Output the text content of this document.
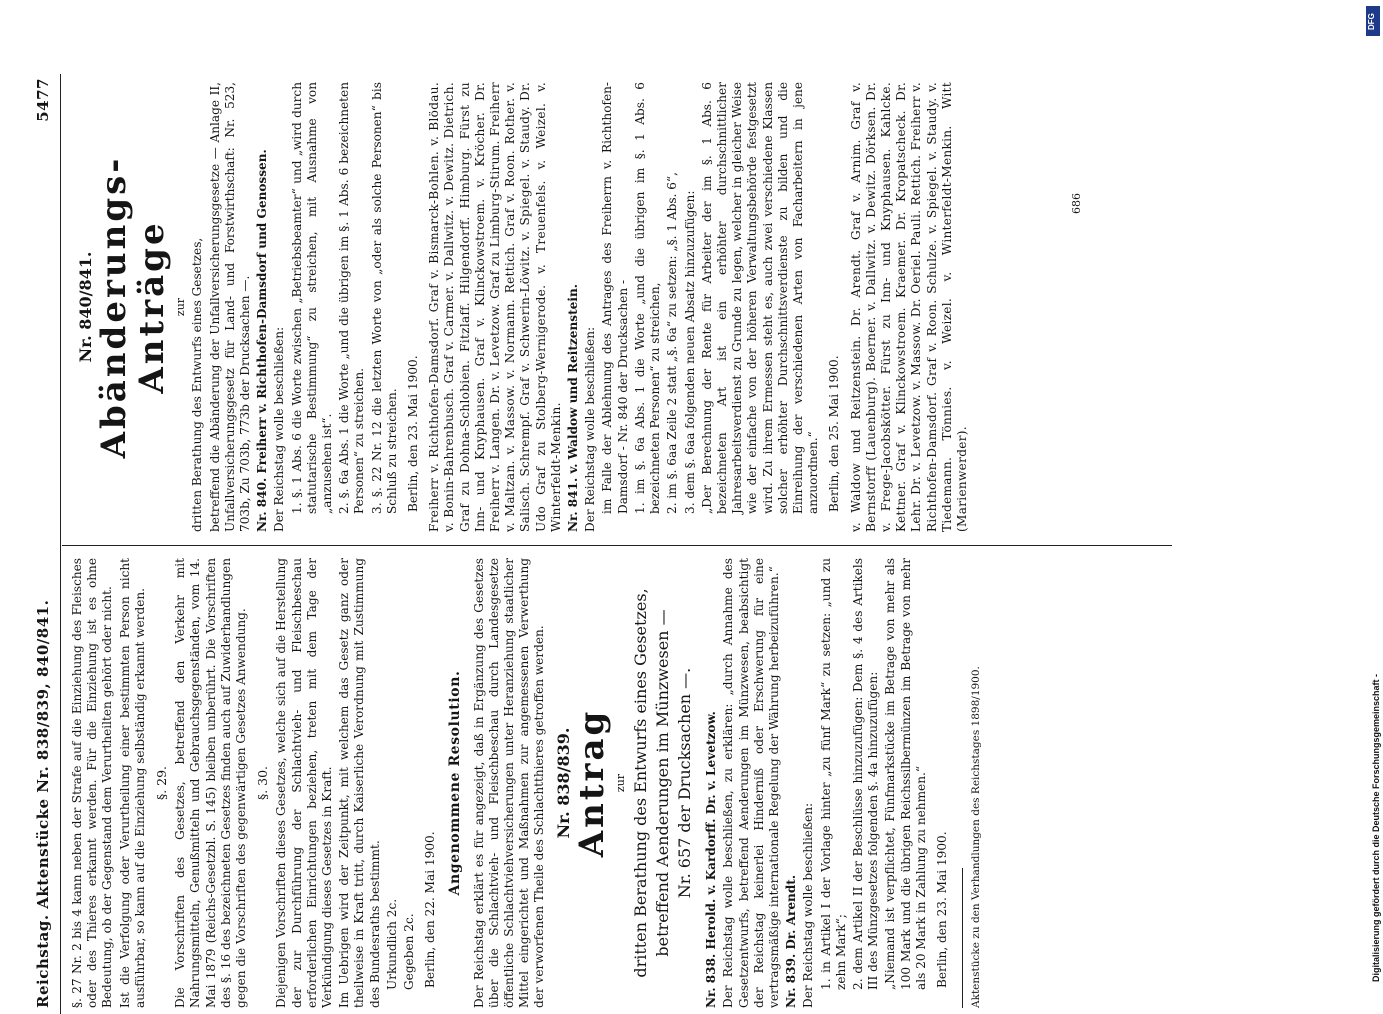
Reichstag. Aktenstücke Nr. 838/839, 840/841.
5477

§. 27 Nr. 2 bis 4 kann neben der Strafe auf die Einziehung des Fleisches oder des Thieres erkannt werden. Für die Einziehung ist es ohne Bedeutung, ob der Gegenstand dem Verurtheilten gehört oder nicht. Ist die Verfolgung oder Verurtheilung einer bestimmten Person nicht ausführbar, so kann auf die Einziehung selbständig erkannt werden. §. 29. Die Vorschriften des Gesetzes, betreffend den Verkehr mit Nahrungsmitteln, Genußmitteln und Gebrauchsgegenständen, vom 14. Mai 1879 (Reichs-Gesetzbl. S. 145) bleiben unberührt. Die Vorschriften des §. 16 des bezeichneten Gesetzes finden auch auf Zuwiderhandlungen gegen die Vorschriften des gegenwärtigen Gesetzes Anwendung. §. 30. Diejenigen Vorschriften dieses Gesetzes, welche sich auf die Herstellung der zur Durchführung der Schlachtvieh- und Fleischbeschau erforderlichen Einrichtungen beziehen, treten mit dem Tage der Verkündigung dieses Gesetzes in Kraft. Im Uebrigen wird der Zeitpunkt, mit welchem das Gesetz ganz oder theilweise in Kraft tritt, durch Kaiserliche Verordnung mit Zustimmung des Bundesraths bestimmt. Urkundlich 2c. Gegeben 2c. Berlin, den 22. Mai 1900.

Angenommene Resolution. Der Reichstag erklärt es für angezeigt, daß in Ergänzung des Gesetzes über die Schlachtvieh- und Fleischbeschau durch Landesgesetze öffentliche Schlachtviehversicherungen unter Heranziehung staatlicher Mittel eingerichtet und Maßnahmen zur angemessenen Verwerthung der verworfenen Theile des Schlachtthieres getroffen werden. Nr. 838/839. Antrag zur dritten Berathung des Entwurfs eines Gesetzes, betreffend Aenderungen im Münzwesen — Nr. 657 der Drucksachen —. Nr. 838. Herold. v. Kardorff. Dr. v. Levetzow. Der Reichstag wolle beschließen, zu erklären: „durch Annahme des Gesetzentwurfs, betreffend Aenderungen im Münzwesen, beabsichtigt der Reichstag keinerlei Hinderniß oder Erschwerung für eine vertragsmäßige internationale Regelung der Währung herbeizuführen.“ Nr. 839. Dr. Arendt. Der Reichstag wolle beschließen: 1. in Artikel I der Vorlage hinter „zu fünf Mark“ zu setzen: „und zu zehn Mark“; 2. dem Artikel II der Beschlüsse hinzuzufügen: Dem §. 4 des Artikels III des Münzgesetzes folgenden §. 4a hinzuzufügen: „Niemand ist verpflichtet, Fünfmarkstücke im Betrage von mehr als 100 Mark und die übrigen Reichssilbermünzen im Betrage von mehr als 20 Mark in Zahlung zu nehmen.“ Berlin, den 23. Mai 1900. Aktenstücke zu den Verhandlungen des Reichstages 1898/1900.

Nr. 840/841. Abänderungs-Anträge zur dritten Berathung des Entwurfs eines Gesetzes, betreffend die Abänderung der Unfallversicherungsgesetze — Anlage II, Unfallversicherungsgesetz für Land- und Forstwirthschaft: Nr. 523, 703b, Zu 703b, 773b der Drucksachen —. Nr. 840. Freiherr v. Richthofen-Damsdorf und Genossen. Der Reichstag wolle beschließen: 1. §. 1 Abs. 6 die Worte zwischen „Betriebsbeamter“ und „wird durch statutarische Bestimmung“ zu streichen, mit Ausnahme von „anzusehen ist“. 2. §. 6a Abs. 1 die Worte „und die übrigen im §. 1 Abs. 6 bezeichneten Personen“ zu streichen. 3. §. 22 Nr. 12 die letzten Worte von „oder als solche Personen“ bis Schluß zu streichen. Berlin, den 23. Mai 1900. Freiherr v. Richthofen-Damsdorf. Graf v. Bismarck-Bohlen. v. Blödau. v. Bonin-Bahrenbusch. Graf v. Carmer. v. Dallwitz. v. Dewitz. Dietrich. Graf zu Dohna-Schlobien. Fitzlaff. Hilgendorff. Himburg. Fürst zu Inn- und Knyphausen. Graf v. Klinckowstroem. v. Kröcher. Dr. Freiherr v. Langen. Dr. v. Levetzow. Graf zu Limburg-Stirum. Freiherr v. Maltzan. v. Massow. v. Normann. Rettich. Graf v. Roon. Rother. v. Salisch. Schrempf. Graf v. Schwerin-Löwitz. v. Spiegel. v. Staudy. Dr. Udo Graf zu Stolberg-Wernigerode. v. Treuenfels. v. Weizel. v. Winterfeldt-Menkin. Nr. 841. v. Waldow und Reitzenstein. Der Reichstag wolle beschließen: im Falle der Ablehnung des Antrages des Freiherrn v. Richthofen-Damsdorf - Nr. 840 der Drucksachen - 1. im §. 6a Abs. 1 die Worte „und die übrigen im §. 1 Abs. 6 bezeichneten Personen“ zu streichen, 2. im §. 6aa Zeile 2 statt „§. 6a“ zu setzen: „§. 1 Abs. 6“, 3. dem §. 6aa folgenden neuen Absatz hinzuzufügen: „Der Berechnung der Rente für Arbeiter der im §. 1 Abs. 6 bezeichneten Art ist ein erhöhter durchschnittlicher Jahresarbeitsverdienst zu Grunde zu legen, welcher in gleicher Weise wie der einfache von der höheren Verwaltungsbehörde festgesetzt wird. Zu ihrem Ermessen steht es, auch zwei verschiedene Klassen solcher erhöhter Durchschnittsverdienste zu bilden und die Einreihung der verschiedenen Arten von Facharbeitern in jene anzuordnen.“ Berlin, den 25. Mai 1900. v. Waldow und Reitzenstein. Dr. Arendt. Graf v. Arnim. Graf v. Bernstorff (Lauenburg). Boerner. v. Dallwitz. v. Dewitz. Dörksen. Dr. v. Frege-Jacobskötter. Fürst zu Inn- und Knyphausen. Kahlcke. Kettner. Graf v. Klinckowstroem. Kraemer. Dr. Kropatscheck. Dr. Lehr. Dr. v. Levetzow. v. Massow. Dr. Oeriel. Pauli. Rettich. Freiherr v. Richthofen-Damsdorf. Graf v. Roon. Schulze. v. Spiegel. v. Staudy. v. Tiedemann. Tönnies. v. Weizel. v. Winterfeldt-Menkin. Witt (Marienwerder).

686
DFG
Digitalisierung gefördert durch die Deutsche Forschungsgemeinschaft -
